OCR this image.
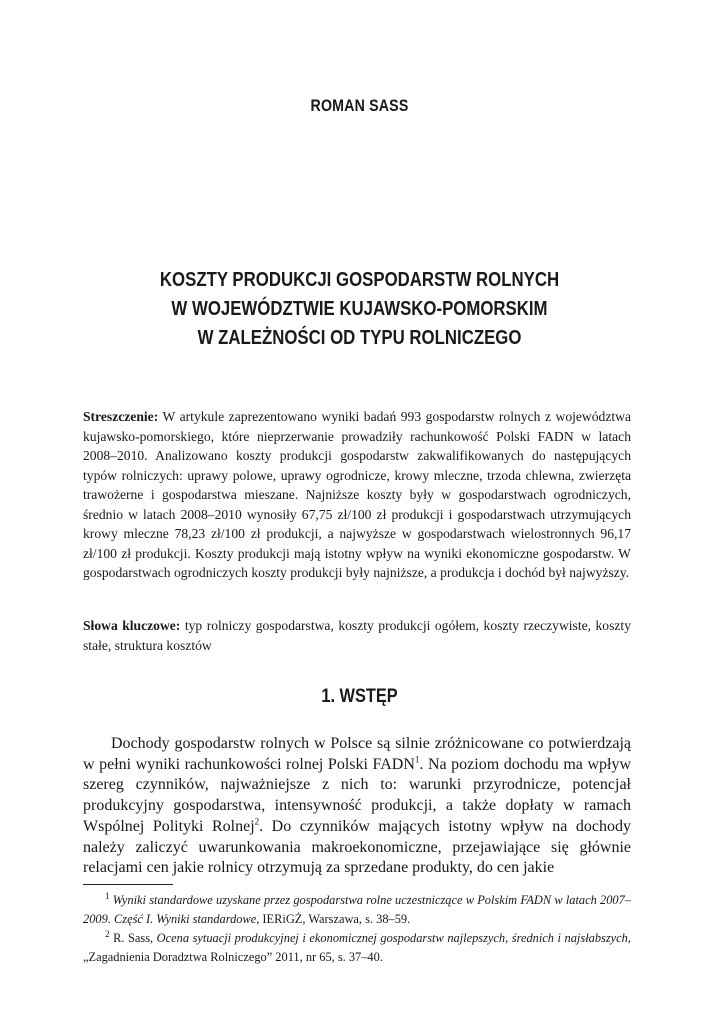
ROMAN SASS
KOSZTY PRODUKCJI GOSPODARSTW ROLNYCH
W WOJEWÓDZTWIE KUJAWSKO-POMORSKIM
W ZALEŻNOŚCI OD TYPU ROLNICZEGO

Streszczenie: W artykule zaprezentowano wyniki badań 993 gospodarstw rolnych z województwa kujawsko-pomorskiego, które nieprzerwanie prowadziły rachunkowość Polski FADN w latach 2008–2010. Analizowano koszty produkcji gospodarstw zakwalifikowanych do następujących typów rolniczych: uprawy polowe, uprawy ogrodnicze, krowy mleczne, trzoda chlewna, zwierzęta trawożerne i gospodarstwa mieszane. Najniższe koszty były w gospodarstwach ogrodniczych, średnio w latach 2008–2010 wynosiły 67,75 zł/100 zł produkcji i gospodarstwach utrzymujących krowy mleczne 78,23 zł/100 zł produkcji, a najwyższe w gospodarstwach wielostronnych 96,17 zł/100 zł produkcji. Koszty produkcji mają istotny wpływ na wyniki ekonomiczne gospodarstw. W gospodarstwach ogrodniczych koszty produkcji były najniższe, a produkcja i dochód był najwyższy.

Słowa kluczowe: typ rolniczy gospodarstwa, koszty produkcji ogółem, koszty rzeczywiste, koszty stałe, struktura kosztów

1. WSTĘP
Dochody gospodarstw rolnych w Polsce są silnie zróżnicowane co potwierdzają w pełni wyniki rachunkowości rolnej Polski FADN$^1$. Na poziom dochodu ma wpływ szereg czynników, najważniejsze z nich to: warunki przyrodnicze, potencjał produkcyjny gospodarstwa, intensywność produkcji, a także dopłaty w ramach Wspólnej Polityki Rolnej$^2$. Do czynników mających istotny wpływ na dochody należy zaliczyć uwarunkowania makroekonomiczne, przejawiające się głównie relacjami cen jakie rolnicy otrzymują za sprzedane produkty, do cen jakie

$^1$ Wyniki standardowe uzyskane przez gospodarstwa rolne uczestniczące w Polskim FADN w latach 2007–2009. Część I. Wyniki standardowe, IERiGŻ, Warszawa, s. 38–59.

$^2$ R. Sass, Ocena sytuacji produkcyjnej i ekonomicznej gospodarstw najlepszych, średnich i najsłabszych, „Zagadnienia Doradztwa Rolniczego” 2011, nr 65, s. 37–40.
